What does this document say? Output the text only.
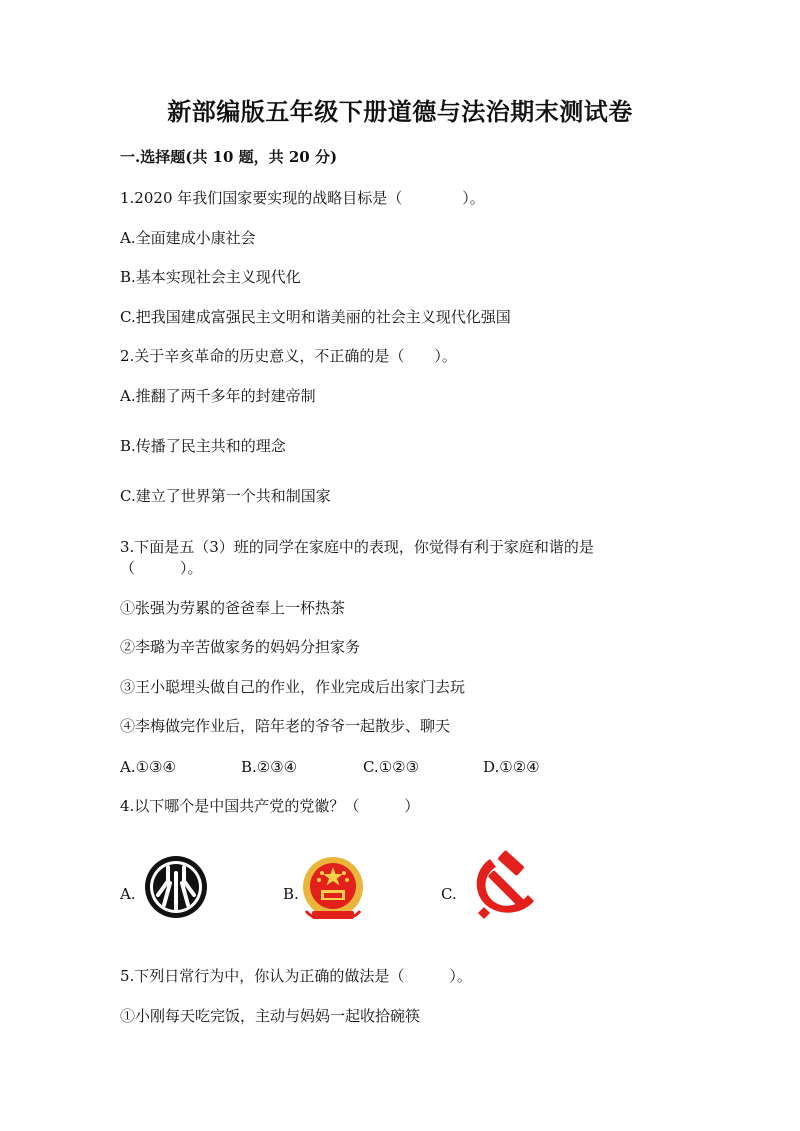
新部编版五年级下册道德与法治期末测试卷
一.选择题(共 10 题，共 20 分)
1.2020 年我们国家要实现的战略目标是（　　　　）。
A.全面建成小康社会
B.基本实现社会主义现代化
C.把我国建成富强民主文明和谐美丽的社会主义现代化强国
2.关于辛亥革命的历史意义，不正确的是（　　）。
A.推翻了两千多年的封建帝制
B.传播了民主共和的理念
C.建立了世界第一个共和制国家
3.下面是五（3）班的同学在家庭中的表现，你觉得有利于家庭和谐的是
（　　　）。
①张强为劳累的爸爸奉上一杯热茶
②李璐为辛苦做家务的妈妈分担家务
③王小聪埋头做自己的作业，作业完成后出家门去玩
④李梅做完作业后，陪年老的爷爷一起散步、聊天
A.①③④	B.②③④	C.①②③	D.①②④
4.以下哪个是中国共产党的党徽？（　　　）
A.	B.	C.
5.下列日常行为中，你认为正确的做法是（　　　）。
①小刚每天吃完饭，主动与妈妈一起收拾碗筷
